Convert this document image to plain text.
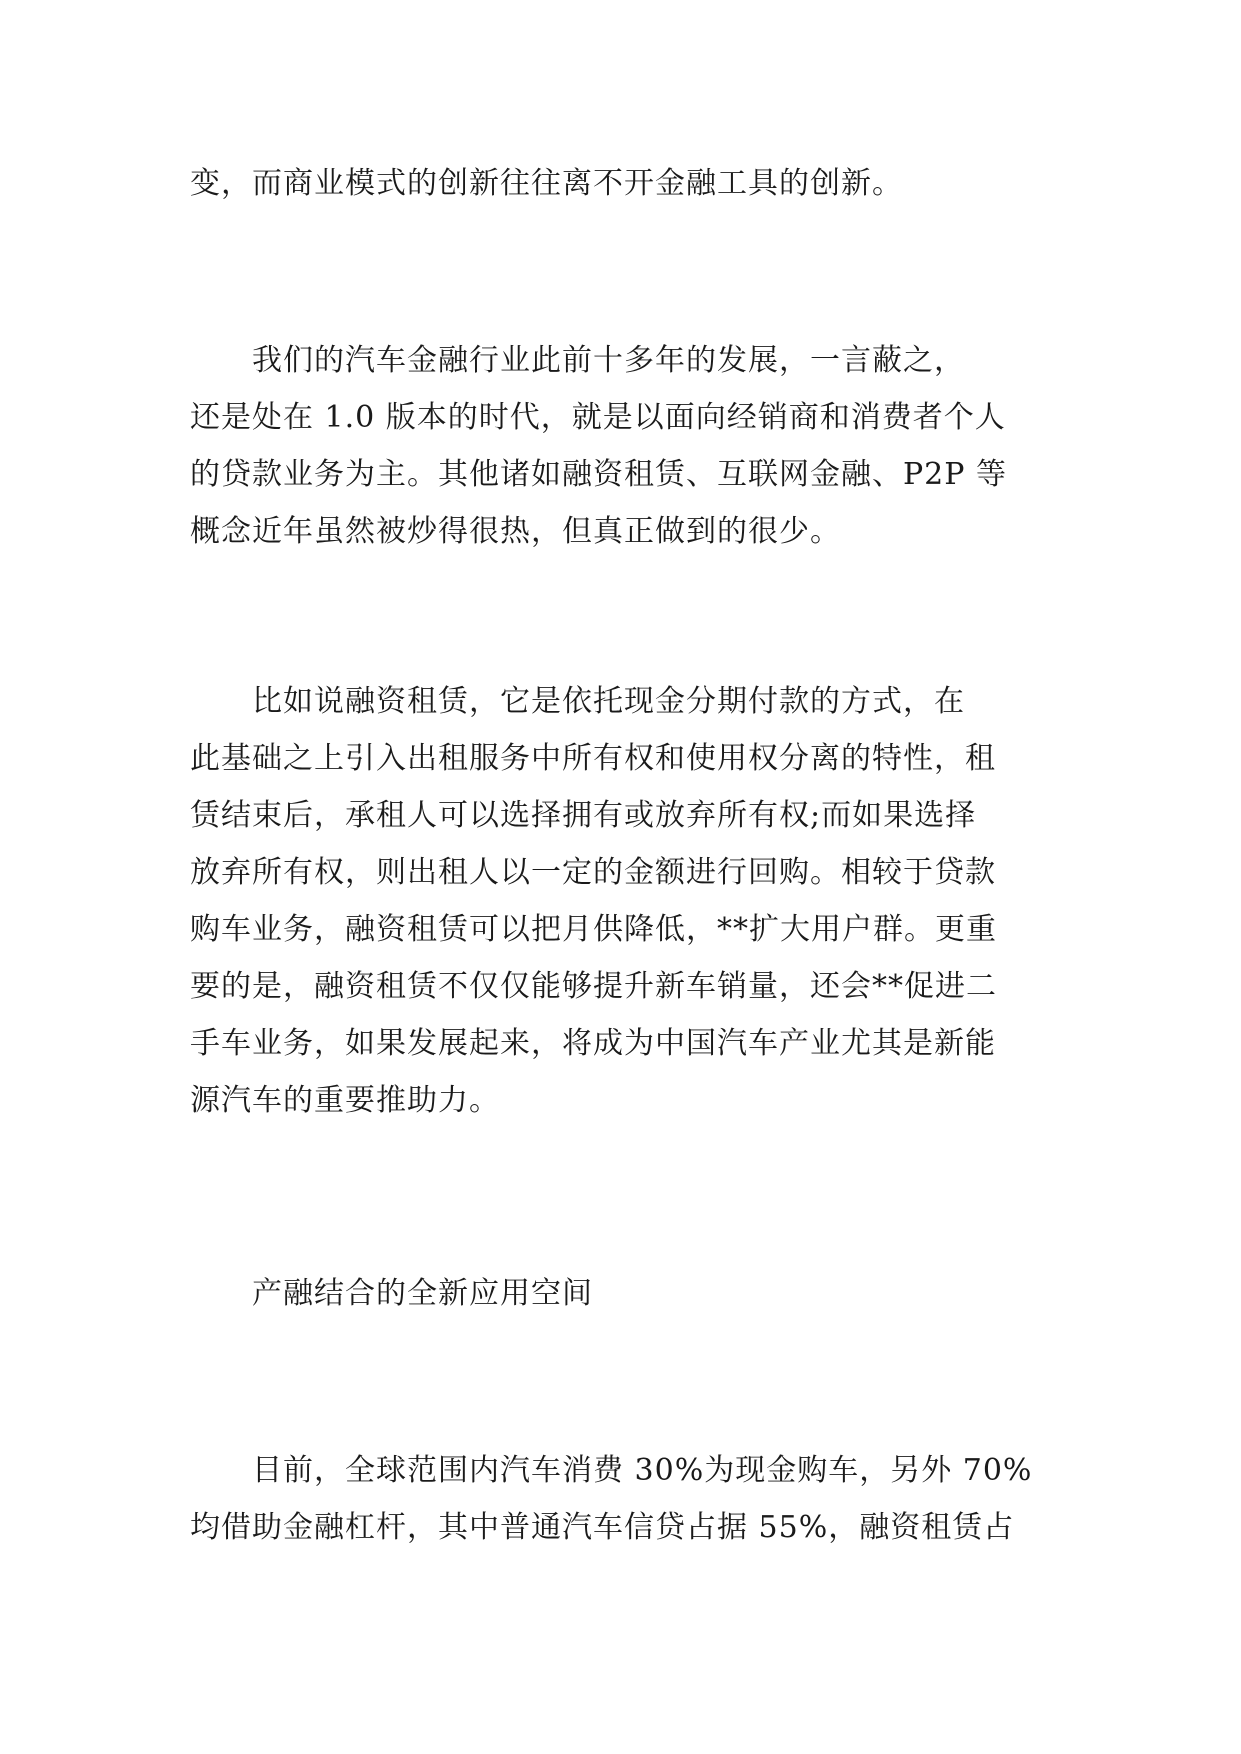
变，而商业模式的创新往往离不开金融工具的创新。

　　我们的汽车金融行业此前十多年的发展，一言蔽之，
还是处在 1.0 版本的时代，就是以面向经销商和消费者个人
的贷款业务为主。其他诸如融资租赁、互联网金融、P2P 等
概念近年虽然被炒得很热，但真正做到的很少。

　　比如说融资租赁，它是依托现金分期付款的方式，在
此基础之上引入出租服务中所有权和使用权分离的特性，租
赁结束后，承租人可以选择拥有或放弃所有权;而如果选择
放弃所有权，则出租人以一定的金额进行回购。相较于贷款
购车业务，融资租赁可以把月供降低，**扩大用户群。更重
要的是，融资租赁不仅仅能够提升新车销量，还会**促进二
手车业务，如果发展起来，将成为中国汽车产业尤其是新能
源汽车的重要推助力。

　　产融结合的全新应用空间

　　目前，全球范围内汽车消费 30%为现金购车，另外 70%
均借助金融杠杆，其中普通汽车信贷占据 55%，融资租赁占
